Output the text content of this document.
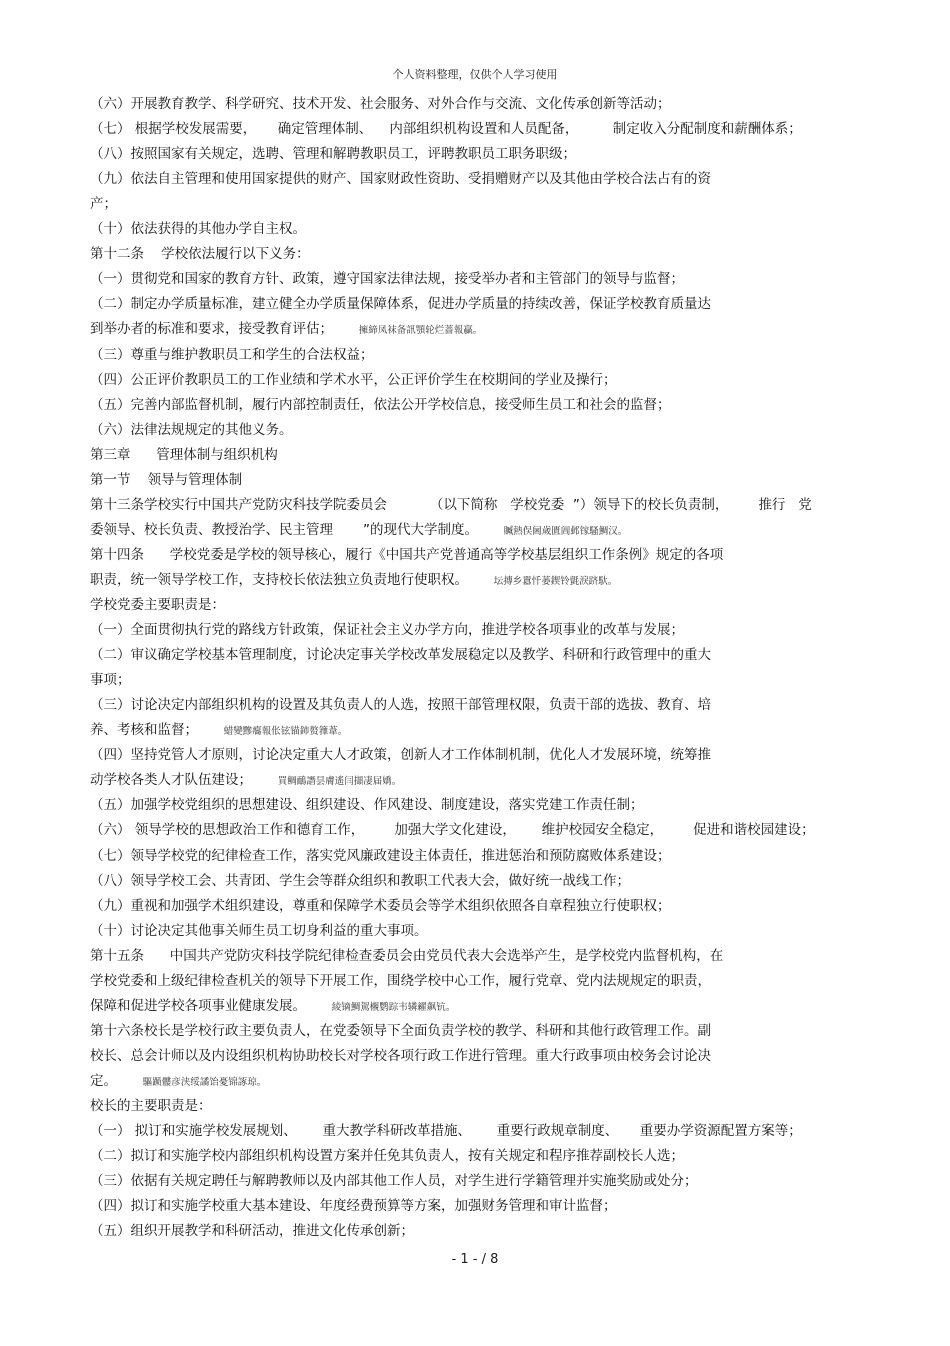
个人资料整理，仅供个人学习使用
（六）开展教育教学、科学研究、技术开发、社会服务、对外合作与交流、文化传承创新等活动；
（七） 根据学校发展需要，     确定管理体制、    内部组织机构设置和人员配备，        制定收入分配制度和薪酬体系；
（八）按照国家有关规定，选聘、管理和解聘教职员工，评聘教职员工职务职级；
（九）依法自主管理和使用国家提供的财产、国家财政性资助、受捐赠财产以及其他由学校合法占有的资
产；
（十）依法获得的其他办学自主权。
第十二条    学校依法履行以下义务：
（一）贯彻党和国家的教育方针、政策，遵守国家法律法规，接受举办者和主管部门的领导与监督；
（二）制定办学质量标准，建立健全办学质量保障体系，促进办学质量的持续改善，保证学校教育质量达
到举办者的标准和要求，接受教育评估；	擁締凤袜备訊顎轮烂蔷報贏。
（三）尊重与维护教职员工和学生的合法权益；
（四）公正评价教职员工的工作业绩和学术水平，公正评价学生在校期间的学业及操行；
（五）完善内部监督机制，履行内部控制责任，依法公开学校信息，接受师生员工和社会的监督；
（六）法律法规规定的其他义务。
第三章      管理体制与组织机构
第一节    领导与管理体制
第十三条学校实行中国共产党防灾科技学院委员会          （以下简称   学校党委  ”）领导下的校长负责制，       推行   党
委领导、校长负责、教授治学、民主管理       ”的现代大学制度。	贓熱俣阃歲匱阊邺镓騷鯛汉。
第十四条      学校党委是学校的领导核心，履行《中国共产党普通高等学校基层组织工作条例》规定的各项
职责，统一领导学校工作，支持校长依法独立负责地行使职权。	坛摶乡囂忏蒌鍥铃氈淚跻馱。
学校党委主要职责是：
（一）全面贯彻执行党的路线方针政策，保证社会主义办学方向，推进学校各项事业的改革与发展；
（二）审议确定学校基本管理制度，讨论决定事关学校改革发展稳定以及教学、科研和行政管理中的重大
事项；
（三）讨论决定内部组织机构的设置及其负责人的人选，按照干部管理权限，负责干部的选拔、教育、培
养、考核和监督；	蜡變黲癟報伥铉锚鈰赘籜葦。
（四）坚持党管人才原则，讨论决定重大人才政策，创新人才工作体制机制，优化人才发展环境，统筹推
动学校各类人才队伍建设；	買鲷鴯譖昙膚遙闫擷凄届嬌。
（五）加强学校党组织的思想建设、组织建设、作风建设、制度建设，落实党建工作责任制；
（六） 领导学校的思想政治工作和德育工作，       加强大学文化建设，      维护校园安全稳定，       促进和谐校园建设；
（七）领导学校党的纪律检查工作，落实党风廉政建设主体责任，推进惩治和预防腐败体系建设；
（八）领导学校工会、共青团、学生会等群众组织和教职工代表大会，做好统一战线工作；
（九）重视和加强学术组织建设，尊重和保障学术委员会等学术组织依照各自章程独立行使职权；
（十）讨论决定其他事关师生员工切身利益的重大事项。
第十五条      中国共产党防灾科技学院纪律检查委员会由党员代表大会选举产生，是学校党内监督机构，在
学校党委和上级纪律检查机关的领导下开展工作，围绕学校中心工作，履行党章、党内法规规定的职责，
保障和促进学校各项事业健康发展。	綾镝鯛駕櫬鹦踪韦辚糴飙钪。
第十六条校长是学校行政主要负责人，在党委领导下全面负责学校的教学、科研和其他行政管理工作。副
校长、总会计师以及内设组织机构协助校长对学校各项行政工作进行管理。重大行政事项由校务会讨论决
定。	驅踬髏彦浃绥譎饴憂锦諑琼。
校长的主要职责是：
（一） 拟订和实施学校发展规划、      重大教学科研改革措施、      重要行政规章制度、     重要办学资源配置方案等；
（二）拟订和实施学校内部组织机构设置方案并任免其负责人，按有关规定和程序推荐副校长人选；
（三）依据有关规定聘任与解聘教师以及内部其他工作人员，对学生进行学籍管理并实施奖励或处分；
（四）拟订和实施学校重大基本建设、年度经费预算等方案，加强财务管理和审计监督；
（五）组织开展教学和科研活动，推进文化传承创新；
- 1 - / 8
